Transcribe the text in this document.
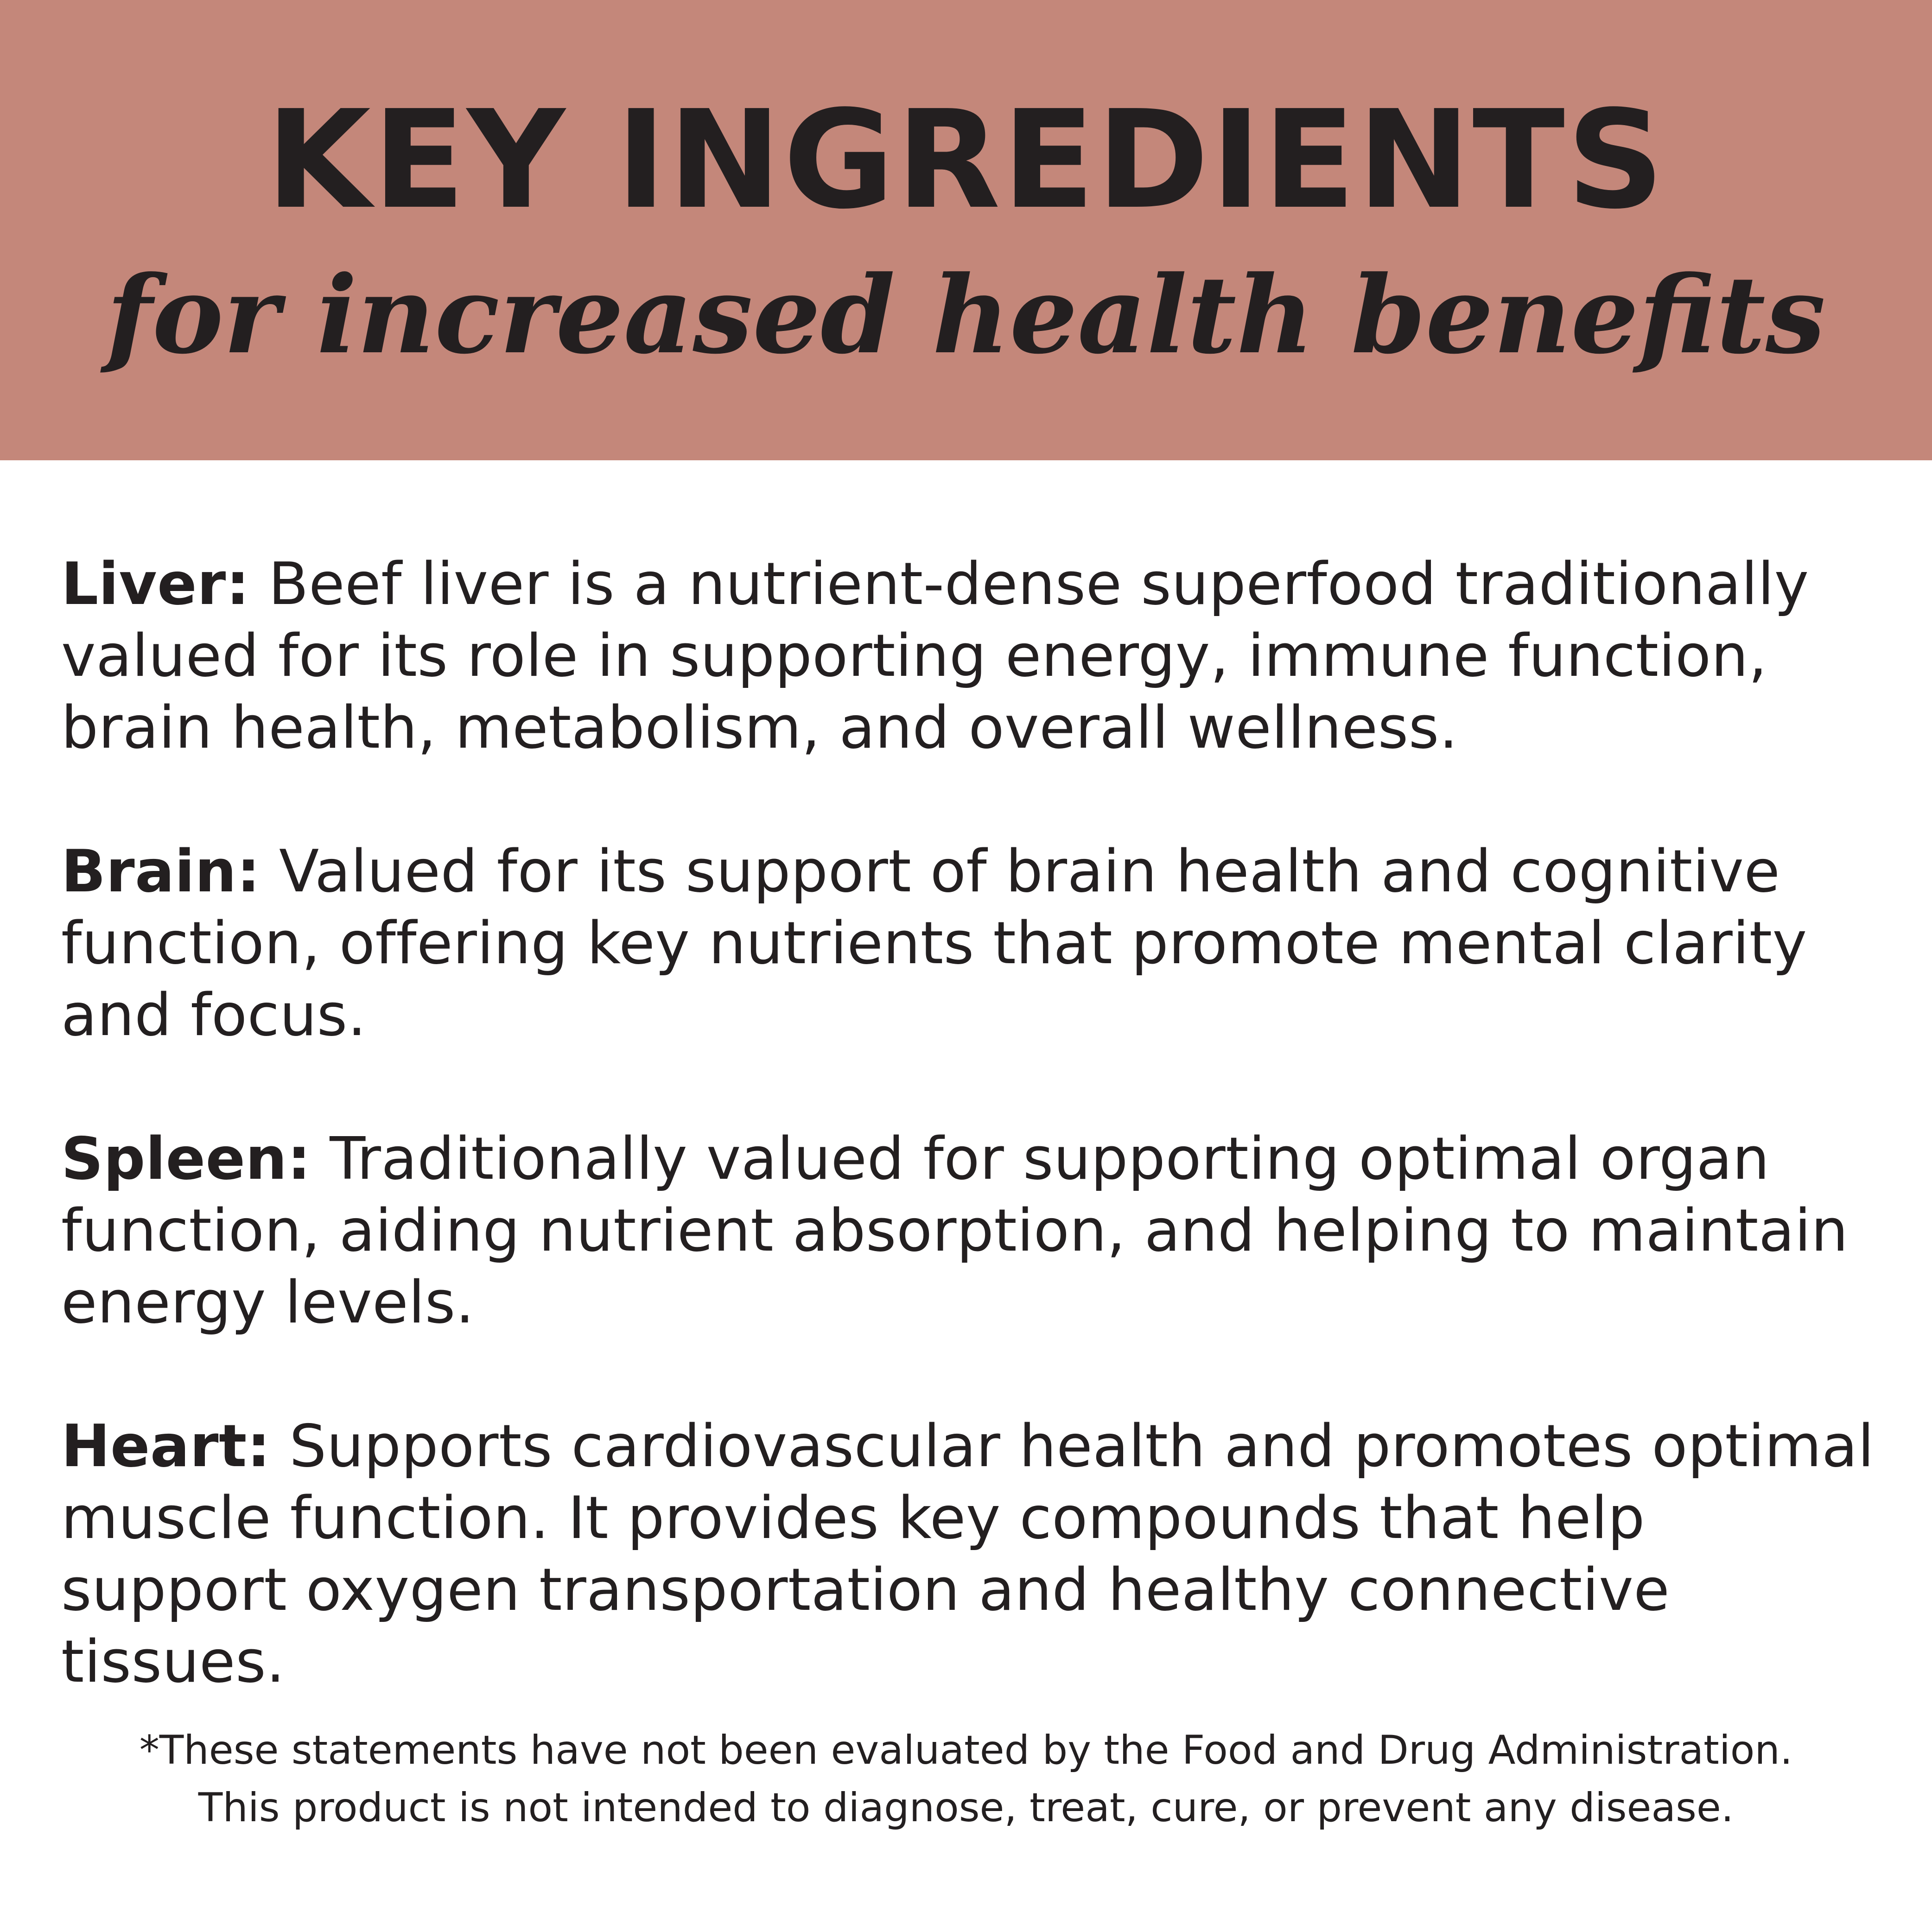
KEY INGREDIENTS
for increased health benefits
Liver: Beef liver is a nutrient-dense superfood traditionally valued for its role in supporting energy, immune function, brain health, metabolism, and overall wellness.
Brain: Valued for its support of brain health and cognitive function, offering key nutrients that promote mental clarity and focus.
Spleen: Traditionally valued for supporting optimal organ function, aiding nutrient absorption, and helping to maintain energy levels.
Heart: Supports cardiovascular health and promotes optimal muscle function. It provides key compounds that help support oxygen transportation and healthy connective tissues.

*These statements have not been evaluated by the Food and Drug Administration.
This product is not intended to diagnose, treat, cure, or prevent any disease.
